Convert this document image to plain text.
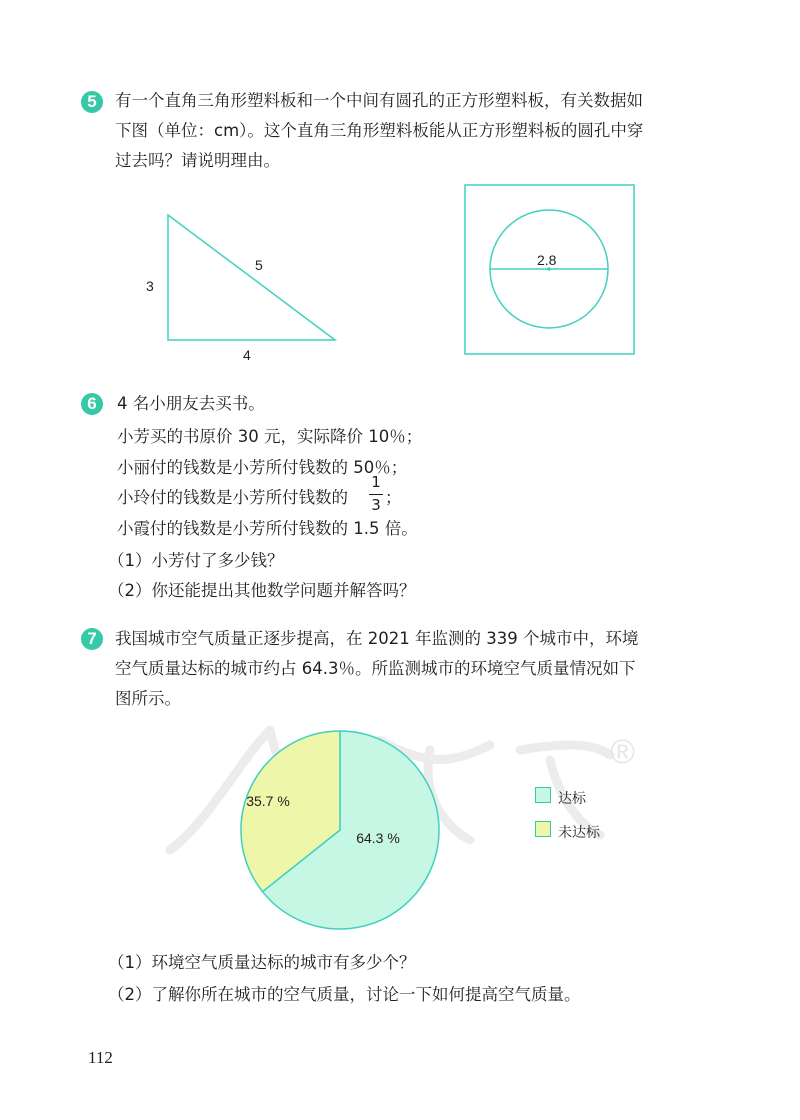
5	有一个直角三角形塑料板和一个中间有圆孔的正方形塑料板，有关数据如
下图（单位：cm）。这个直角三角形塑料板能从正方形塑料板的圆孔中穿
过去吗？请说明理由。
3
5
4
2.8
6	4 名小朋友去买书。
小芳买的书原价 30 元，实际降价 10％；
小丽付的钱数是小芳所付钱数的 50％；
小玲付的钱数是小芳所付钱数的
1
3 ；
小霞付的钱数是小芳所付钱数的 1.5 倍。
（1）小芳付了多少钱？
（2）你还能提出其他数学问题并解答吗？
7	我国城市空气质量正逐步提高，在 2021 年监测的 339 个城市中，环境
空气质量达标的城市约占 64.3％。所监测城市的环境空气质量情况如下
图所示。
®
64.3 %
35.7 %	达标
未达标
（1）环境空气质量达标的城市有多少个？
（2）了解你所在城市的空气质量，讨论一下如何提高空气质量。
112
